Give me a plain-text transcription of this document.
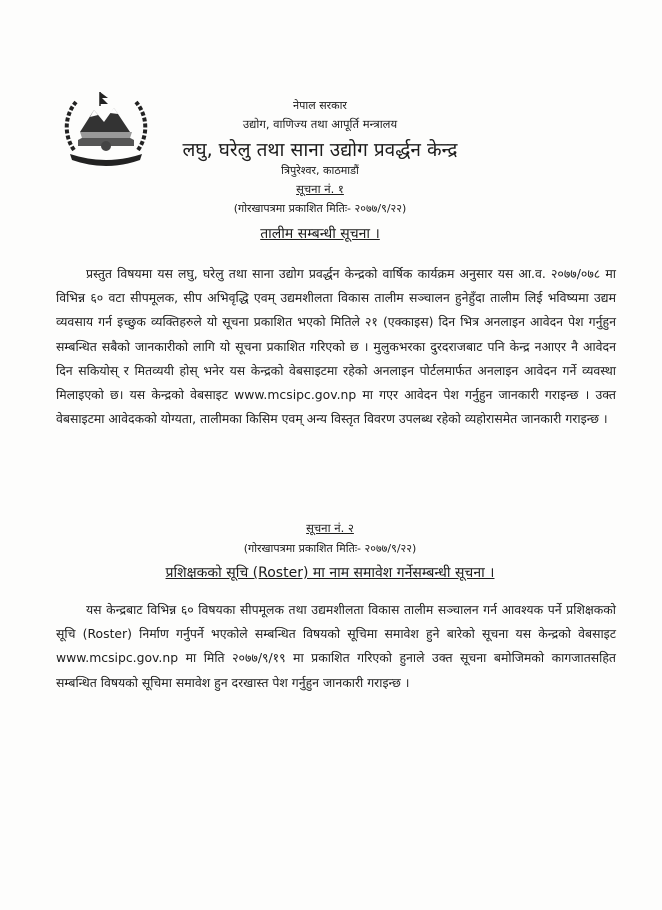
नेपाल सरकार
उद्योग, वाणिज्य तथा आपूर्ति मन्त्रालय
लघु, घरेलु तथा साना उद्योग प्रवर्द्धन केन्द्र
त्रिपुरेश्वर, काठमाडौं
सूचना नं. १
(गोरखापत्रमा प्रकाशित मितिः- २०७७/९/२२)
तालीम सम्बन्धी सूचना ।
प्रस्तुत विषयमा यस लघु, घरेलु तथा साना उद्योग प्रवर्द्धन केन्द्रको वार्षिक कार्यक्रम अनुसार यस आ.व. २०७७/०७८ मा विभिन्न ६० वटा सीपमूलक, सीप अभिवृद्धि एवम् उद्यमशीलता विकास तालीम सञ्चालन हुनेहुँदा तालीम लिई भविष्यमा उद्यम व्यवसाय गर्न इच्छुक व्यक्तिहरुले यो सूचना प्रकाशित भएको मितिले २१ (एक्काइस) दिन भित्र अनलाइन आवेदन पेश गर्नुहुन सम्बन्धित सबैको जानकारीको लागि यो सूचना प्रकाशित गरिएको छ । मुलुकभरका दुरदराजबाट पनि केन्द्र नआएर नै आवेदन दिन सकियोस् र मितव्ययी होस् भनेर यस केन्द्रको वेबसाइटमा रहेको अनलाइन पोर्टलमार्फत अनलाइन आवेदन गर्ने व्यवस्था मिलाइएको छ। यस केन्द्रको वेबसाइट www.mcsipc.gov.np मा गएर आवेदन पेश गर्नुहुन जानकारी गराइन्छ । उक्त वेबसाइटमा आवेदकको योग्यता, तालीमका किसिम एवम् अन्य विस्तृत विवरण उपलब्ध रहेको व्यहोरासमेत जानकारी गराइन्छ ।
सूचना नं. २
(गोरखापत्रमा प्रकाशित मितिः- २०७७/९/२२)
प्रशिक्षकको सूचि (Roster) मा नाम समावेश गर्नेसम्बन्धी सूचना ।
यस केन्द्रबाट विभिन्न ६० विषयका सीपमूलक तथा उद्यमशीलता विकास तालीम सञ्चालन गर्न आवश्यक पर्ने प्रशिक्षकको सूचि (Roster) निर्माण गर्नुपर्ने भएकोले सम्बन्धित विषयको सूचिमा समावेश हुने बारेको सूचना यस केन्द्रको वेबसाइट www.mcsipc.gov.np मा मिति २०७७/९/१९ मा प्रकाशित गरिएको हुनाले उक्त सूचना बमोजिमको कागजातसहित सम्बन्धित विषयको सूचिमा समावेश हुन दरखास्त पेश गर्नुहुन जानकारी गराइन्छ ।
